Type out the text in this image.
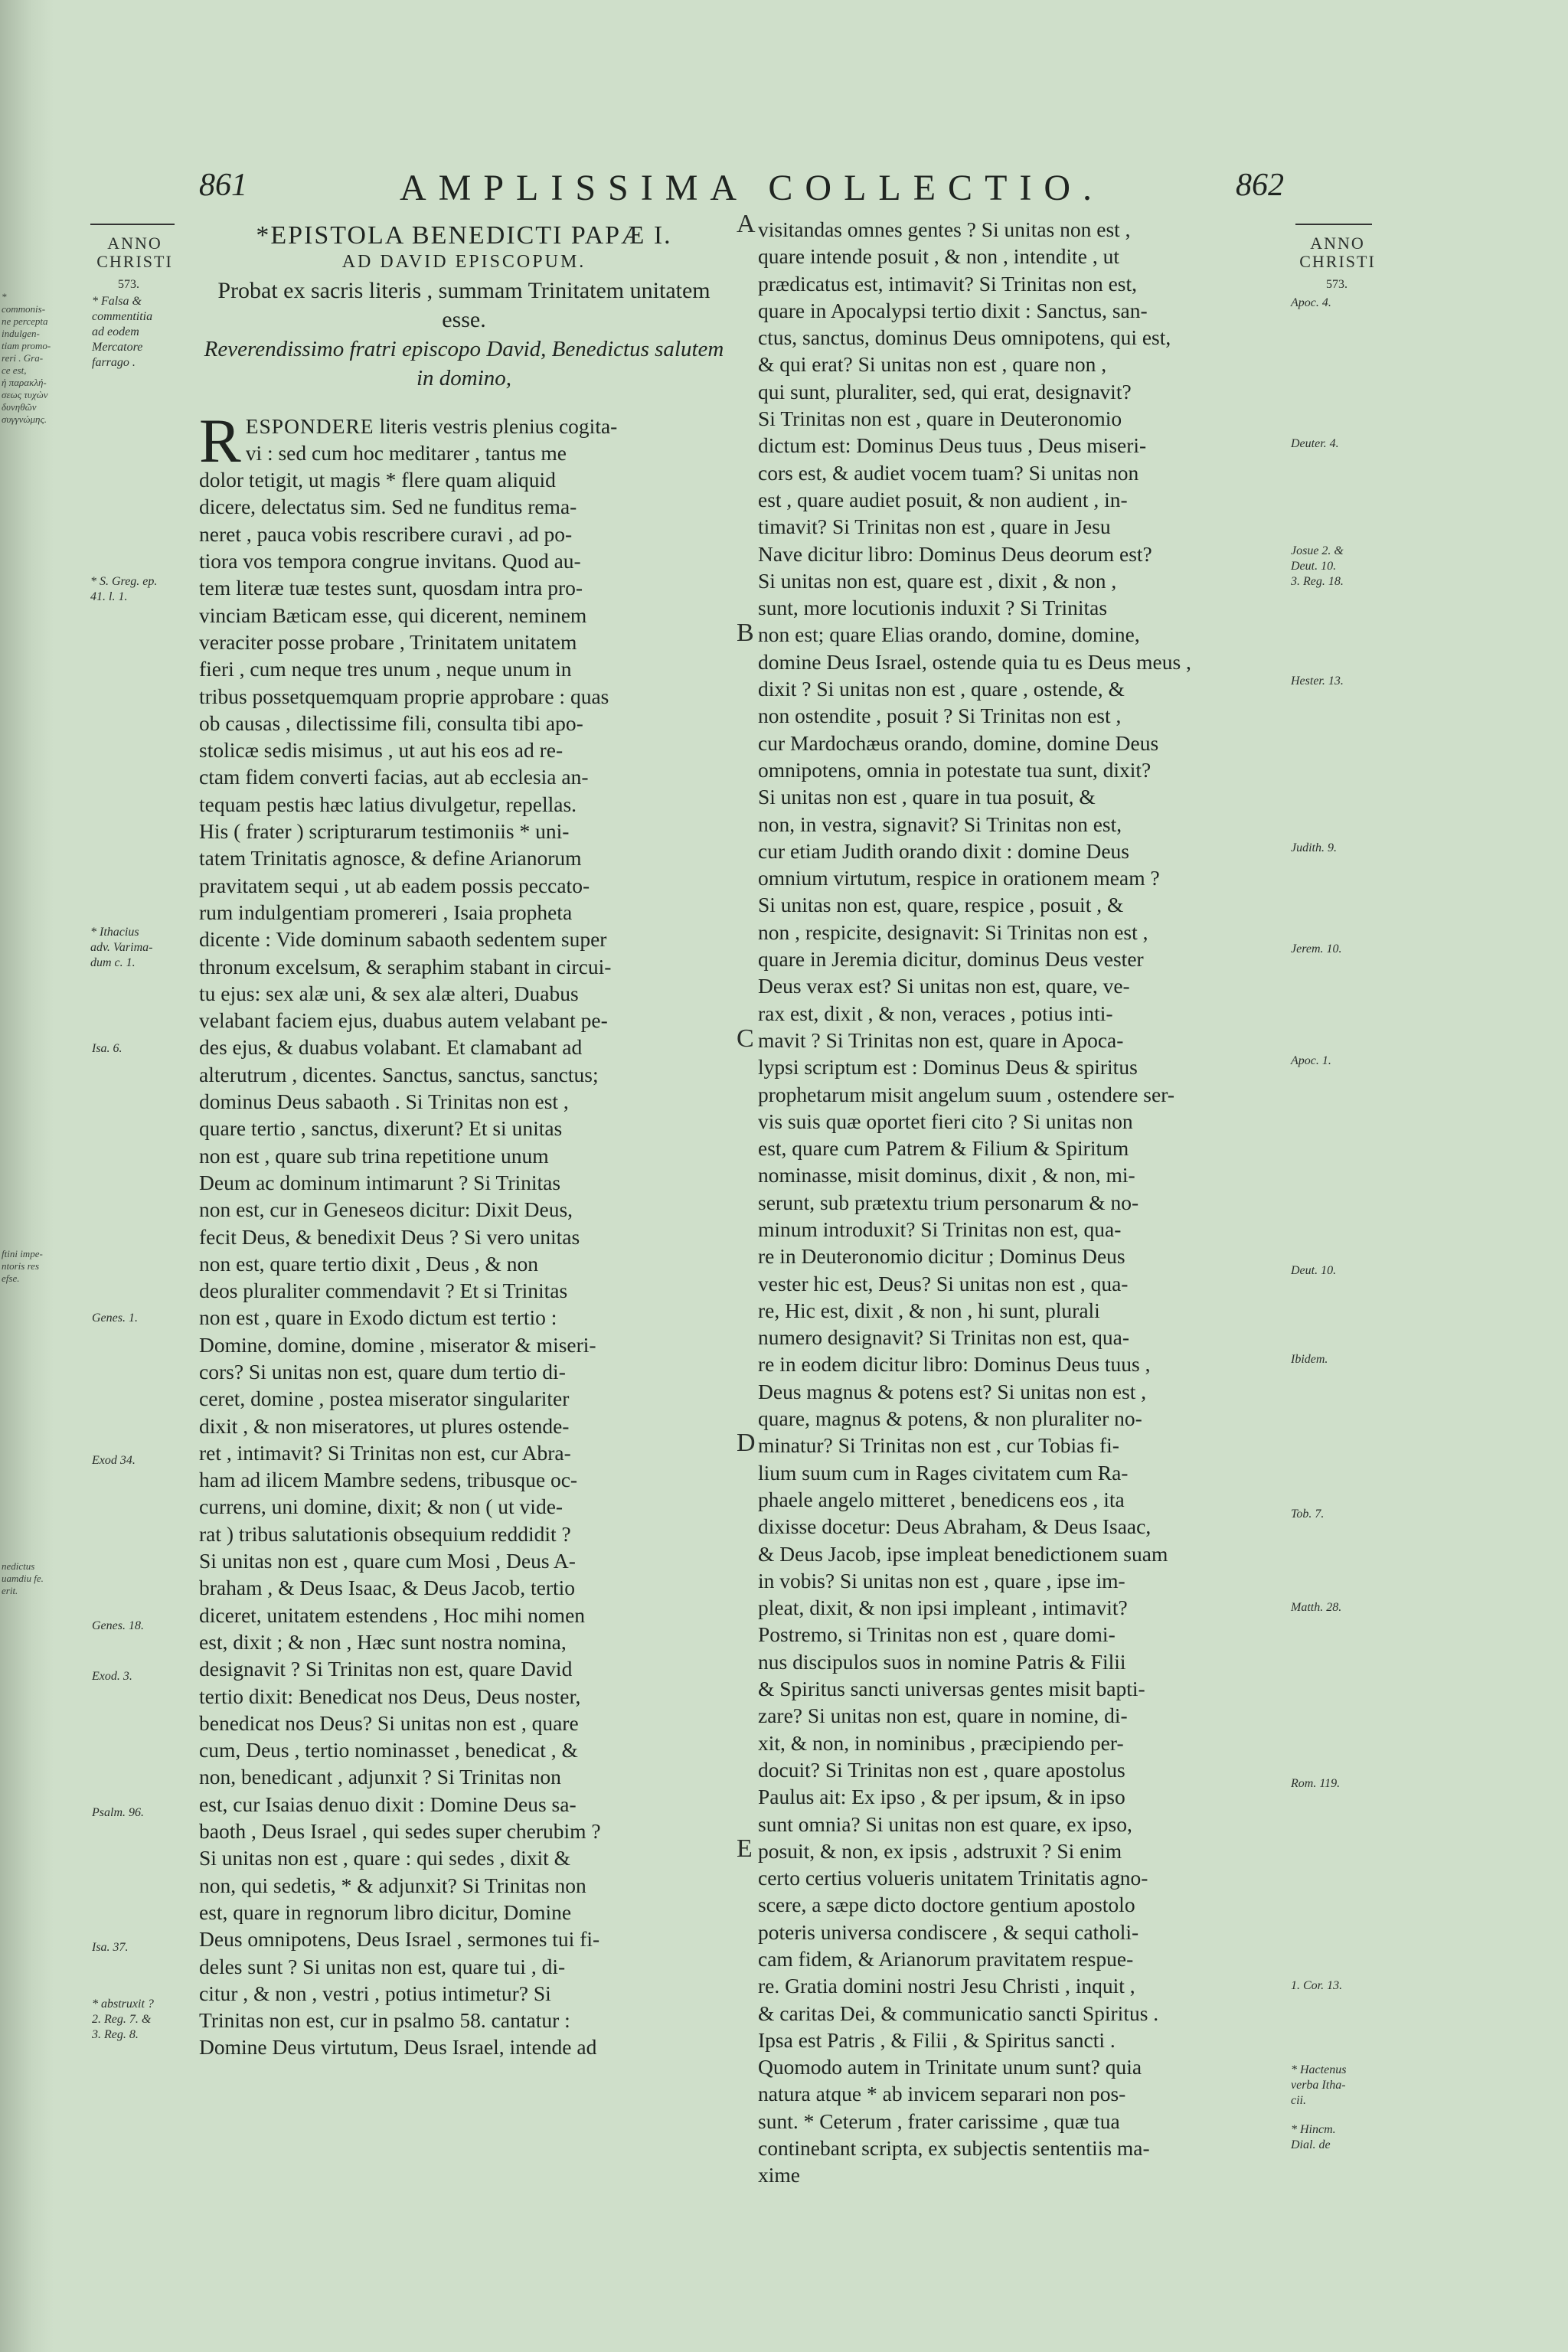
* commonis-
ne percepta
indulgen-
tiam promo-
reri . Gra-
ce est,
ἡ παρακλή-
σεως τυχὼν
δυνηθῶν
συγγνώμης.
ftini impe-
ntoris res
efse.
nedictus
uamdiu fe.
erit.
861	AMPLISSIMA COLLECTIO.	862
ANNO
CHRISTI
573.
* Falsa &
commentitia
ad eodem
Mercatore
farrago .
* S. Greg. ep.
41. l. 1.
* Ithacius
adv. Varima-
dum c. 1.
Isa. 6.
Genes. 1.
Exod 34.
Genes. 18.
Exod. 3.
Psalm. 96.
Isa. 37.
* abstruxit ?
2. Reg. 7. &
3. Reg. 8.
A
B
C
D
E

*EPISTOLA BENEDICTI PAPÆ I.

AD DAVID EPISCOPUM.

Probat ex sacris literis , summam Trinitatem unitatem esse.

Reverendissimo fratri episcopo David, Benedictus salutem in domino,

R ESPONDERE literis vestris plenius cogita-

vi : sed cum hoc meditarer , tantus me
dolor tetigit, ut magis * flere quam aliquid
dicere, delectatus sim. Sed ne funditus rema-
neret , pauca vobis rescribere curavi , ad po-
tiora vos tempora congrue invitans. Quod au-
tem literæ tuæ testes sunt, quosdam intra pro-
vinciam Bæticam esse, qui dicerent, neminem
veraciter posse probare , Trinitatem unitatem
fieri , cum neque tres unum , neque unum in
tribus possetquemquam proprie approbare : quas
ob causas , dilectissime fili, consulta tibi apo-
stolicæ sedis misimus , ut aut his eos ad re-
ctam fidem converti facias, aut ab ecclesia an-
tequam pestis hæc latius divulgetur, repellas.
His ( frater ) scripturarum testimoniis * uni-
tatem Trinitatis agnosce, & define Arianorum
pravitatem sequi , ut ab eadem possis peccato-
rum indulgentiam promereri , Isaia propheta
dicente : Vide dominum sabaoth sedentem super
thronum excelsum, & seraphim stabant in circui-
tu ejus: sex alæ uni, & sex alæ alteri, Duabus
velabant faciem ejus, duabus autem velabant pe-
des ejus, & duabus volabant. Et clamabant ad
alterutrum , dicentes. Sanctus, sanctus, sanctus;
dominus Deus sabaoth . Si Trinitas non est ,
quare tertio , sanctus, dixerunt? Et si unitas
non est , quare sub trina repetitione unum
Deum ac dominum intimarunt ? Si Trinitas
non est, cur in Geneseos dicitur: Dixit Deus,
fecit Deus, & benedixit Deus ? Si vero unitas
non est, quare tertio dixit , Deus , & non
deos pluraliter commendavit ? Et si Trinitas
non est , quare in Exodo dictum est tertio :
Domine, domine, domine , miserator & miseri-
cors? Si unitas non est, quare dum tertio di-
ceret, domine , postea miserator singulariter
dixit , & non miseratores, ut plures ostende-
ret , intimavit? Si Trinitas non est, cur Abra-
ham ad ilicem Mambre sedens, tribusque oc-
currens, uni domine, dixit; & non ( ut vide-
rat ) tribus salutationis obsequium reddidit ?
Si unitas non est , quare cum Mosi , Deus A-
braham , & Deus Isaac, & Deus Jacob, tertio
diceret, unitatem estendens , Hoc mihi nomen
est, dixit ; & non , Hæc sunt nostra nomina,
designavit ? Si Trinitas non est, quare David
tertio dixit: Benedicat nos Deus, Deus noster,
benedicat nos Deus? Si unitas non est , quare
cum, Deus , tertio nominasset , benedicat , &
non, benedicant , adjunxit ? Si Trinitas non
est, cur Isaias denuo dixit : Domine Deus sa-
baoth , Deus Israel , qui sedes super cherubim ?
Si unitas non est , quare : qui sedes , dixit &
non, qui sedetis, * & adjunxit? Si Trinitas non
est, quare in regnorum libro dicitur, Domine
Deus omnipotens, Deus Israel , sermones tui fi-
deles sunt ? Si unitas non est, quare tui , di-
citur , & non , vestri , potius intimetur? Si
Trinitas non est, cur in psalmo 58. cantatur :
Domine Deus virtutum, Deus Israel, intende ad
visitandas omnes gentes ? Si unitas non est ,
quare intende posuit , & non , intendite , ut
prædicatus est, intimavit? Si Trinitas non est,
quare in Apocalypsi tertio dixit : Sanctus, san-
ctus, sanctus, dominus Deus omnipotens, qui est,
& qui erat? Si unitas non est , quare non ,
qui sunt, pluraliter, sed, qui erat, designavit?
Si Trinitas non est , quare in Deuteronomio
dictum est: Dominus Deus tuus , Deus miseri-
cors est, & audiet vocem tuam? Si unitas non
est , quare audiet posuit, & non audient , in-
timavit? Si Trinitas non est , quare in Jesu
Nave dicitur libro: Dominus Deus deorum est?
Si unitas non est, quare est , dixit , & non ,
sunt, more locutionis induxit ? Si Trinitas
non est; quare Elias orando, domine, domine,
domine Deus Israel, ostende quia tu es Deus meus ,
dixit ? Si unitas non est , quare , ostende, &
non ostendite , posuit ? Si Trinitas non est ,
cur Mardochæus orando, domine, domine Deus
omnipotens, omnia in potestate tua sunt, dixit?
Si unitas non est , quare in tua posuit, &
non, in vestra, signavit? Si Trinitas non est,
cur etiam Judith orando dixit : domine Deus
omnium virtutum, respice in orationem meam ?
Si unitas non est, quare, respice , posuit , &
non , respicite, designavit: Si Trinitas non est ,
quare in Jeremia dicitur, dominus Deus vester
Deus verax est? Si unitas non est, quare, ve-
rax est, dixit , & non, veraces , potius inti-
mavit ? Si Trinitas non est, quare in Apoca-
lypsi scriptum est : Dominus Deus & spiritus
prophetarum misit angelum suum , ostendere ser-
vis suis quæ oportet fieri cito ? Si unitas non
est, quare cum Patrem & Filium & Spiritum
nominasse, misit dominus, dixit , & non, mi-
serunt, sub prætextu trium personarum & no-
minum introduxit? Si Trinitas non est, qua-
re in Deuteronomio dicitur ; Dominus Deus
vester hic est, Deus? Si unitas non est , qua-
re, Hic est, dixit , & non , hi sunt, plurali
numero designavit? Si Trinitas non est, qua-
re in eodem dicitur libro: Dominus Deus tuus ,
Deus magnus & potens est? Si unitas non est ,
quare, magnus & potens, & non pluraliter no-
minatur? Si Trinitas non est , cur Tobias fi-
lium suum cum in Rages civitatem cum Ra-
phaele angelo mitteret , benedicens eos , ita
dixisse docetur: Deus Abraham, & Deus Isaac,
& Deus Jacob, ipse impleat benedictionem suam
in vobis? Si unitas non est , quare , ipse im-
pleat, dixit, & non ipsi impleant , intimavit?
Postremo, si Trinitas non est , quare domi-
nus discipulos suos in nomine Patris & Filii
& Spiritus sancti universas gentes misit bapti-
zare? Si unitas non est, quare in nomine, di-
xit, & non, in nominibus , præcipiendo per-
docuit? Si Trinitas non est , quare apostolus
Paulus ait: Ex ipso , & per ipsum, & in ipso
sunt omnia? Si unitas non est quare, ex ipso,
posuit, & non, ex ipsis , adstruxit ? Si enim
certo certius volueris unitatem Trinitatis agno-
scere, a sæpe dicto doctore gentium apostolo
poteris universa condiscere , & sequi catholi-
cam fidem, & Arianorum pravitatem respue-
re. Gratia domini nostri Jesu Christi , inquit ,
& caritas Dei, & communicatio sancti Spiritus .
Ipsa est Patris , & Filii , & Spiritus sancti .
Quomodo autem in Trinitate unum sunt? quia
natura atque * ab invicem separari non pos-
sunt. * Ceterum , frater carissime , quæ tua
continebant scripta, ex subjectis sententiis ma-
xime
ANNO
CHRISTI
573.
Apoc. 4.
Deuter. 4.
Josue 2. &
Deut. 10.
3. Reg. 18.
Hester. 13.
Judith. 9.
Jerem. 10.
Apoc. 1.
Deut. 10.
Ibidem.
Tob. 7.
Matth. 28.
Rom. 119.
1. Cor. 13.
* Hactenus
verba Itha-
cii.
* Hincm.
Dial. de
